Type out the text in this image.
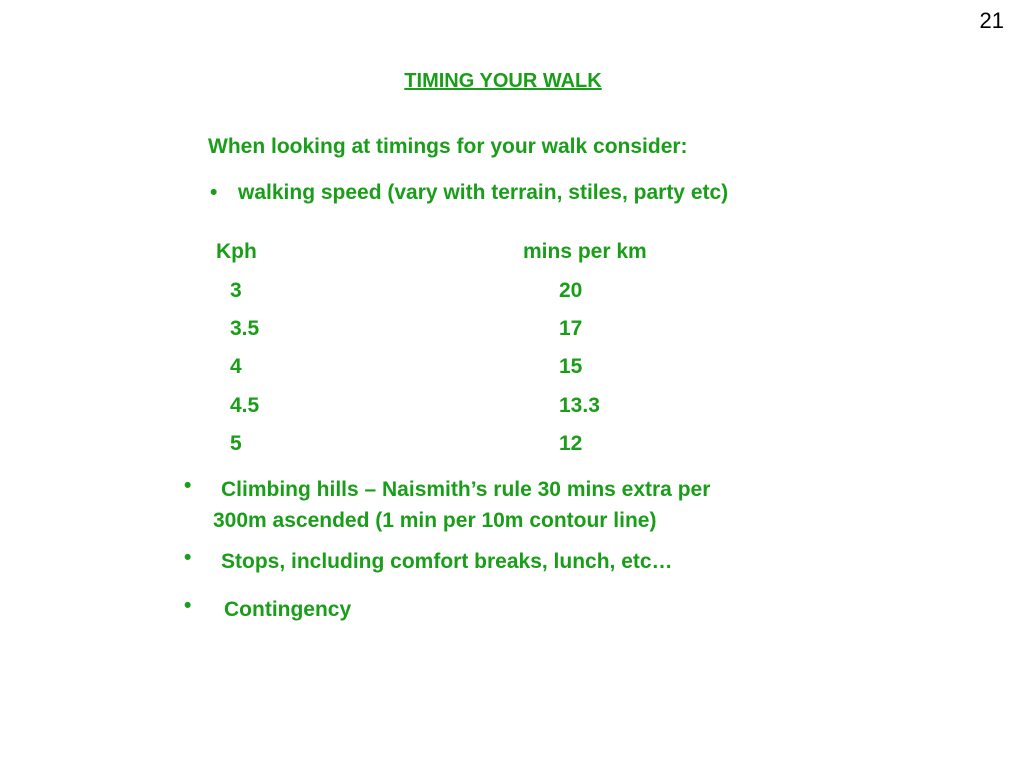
21
TIMING YOUR WALK
When looking at timings for your walk consider:
• walking speed (vary with terrain, stiles, party etc)
Kph	mins per km
3	20
3.5	17
4	15
4.5	13.3
5	12
• Climbing hills – Naismith’s rule 30 mins extra per
300m ascended (1 min per 10m contour line)
• Stops, including comfort breaks, lunch, etc…
• Contingency
